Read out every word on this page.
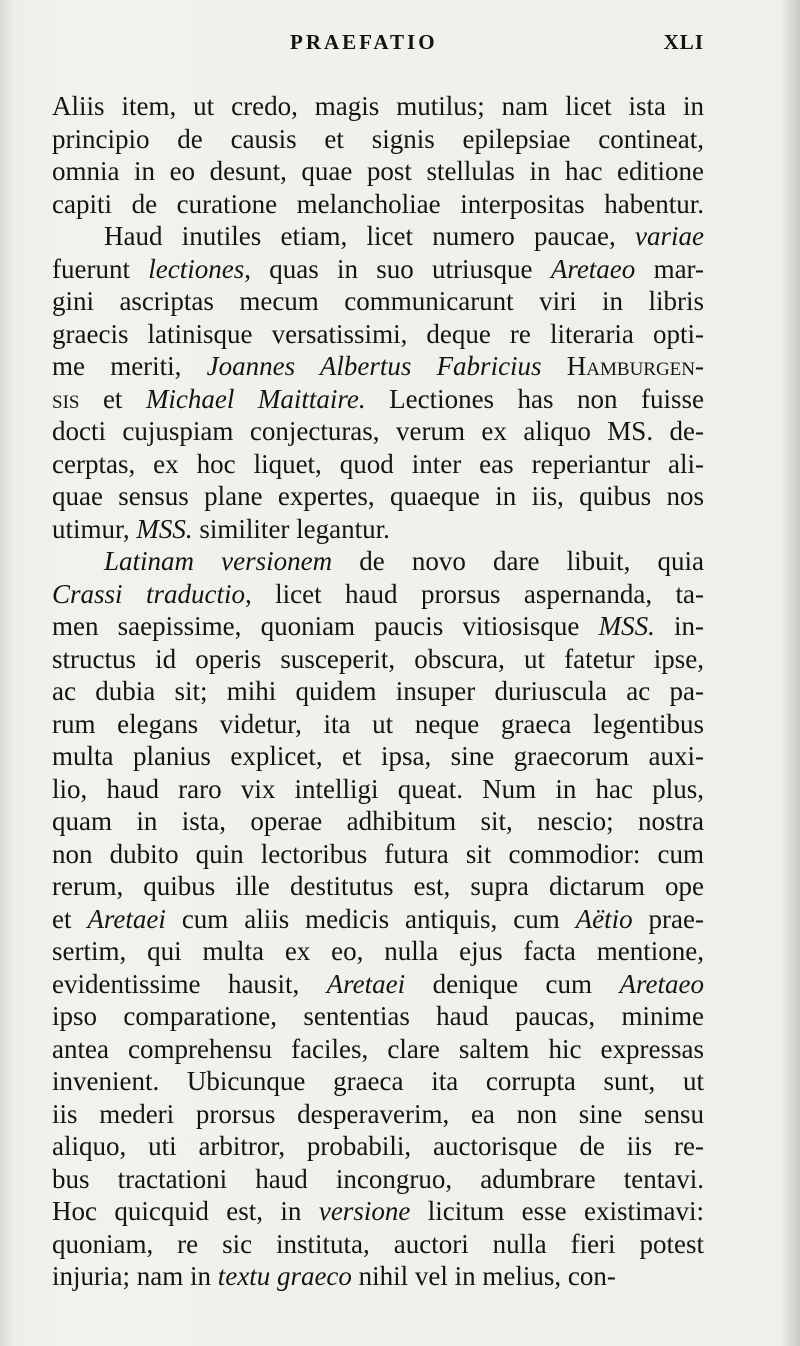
PRAEFATIO	XLI
Aliis item, ut credo, magis mutilus; nam licet ista in
principio de causis et signis epilepsiae contineat,
omnia in eo desunt, quae post stellulas in hac editione
capiti de curatione melancholiae interpositas habentur.
Haud inutiles etiam, licet numero paucae, variae
fuerunt lectiones, quas in suo utriusque Aretaeo mar-
gini ascriptas mecum communicarunt viri in libris
graecis latinisque versatissimi, deque re literaria opti-
me meriti, Joannes Albertus Fabricius Hamburgen-
sis et Michael Maittaire. Lectiones has non fuisse
docti cujuspiam conjecturas, verum ex aliquo MS. de-
cerptas, ex hoc liquet, quod inter eas reperiantur ali-
quae sensus plane expertes, quaeque in iis, quibus nos
utimur, MSS. similiter legantur.
Latinam versionem de novo dare libuit, quia
Crassi traductio, licet haud prorsus aspernanda, ta-
men saepissime, quoniam paucis vitiosisque MSS. in-
structus id operis susceperit, obscura, ut fatetur ipse,
ac dubia sit; mihi quidem insuper duriuscula ac pa-
rum elegans videtur, ita ut neque graeca legentibus
multa planius explicet, et ipsa, sine graecorum auxi-
lio, haud raro vix intelligi queat. Num in hac plus,
quam in ista, operae adhibitum sit, nescio; nostra
non dubito quin lectoribus futura sit commodior: cum
rerum, quibus ille destitutus est, supra dictarum ope
et Aretaei cum aliis medicis antiquis, cum Aëtio prae-
sertim, qui multa ex eo, nulla ejus facta mentione,
evidentissime hausit, Aretaei denique cum Aretaeo
ipso comparatione, sententias haud paucas, minime
antea comprehensu faciles, clare saltem hic expressas
invenient. Ubicunque graeca ita corrupta sunt, ut
iis mederi prorsus desperaverim, ea non sine sensu
aliquo, uti arbitror, probabili, auctorisque de iis re-
bus tractationi haud incongruo, adumbrare tentavi.
Hoc quicquid est, in versione licitum esse existimavi:
quoniam, re sic instituta, auctori nulla fieri potest
injuria; nam in textu graeco nihil vel in melius, con-
